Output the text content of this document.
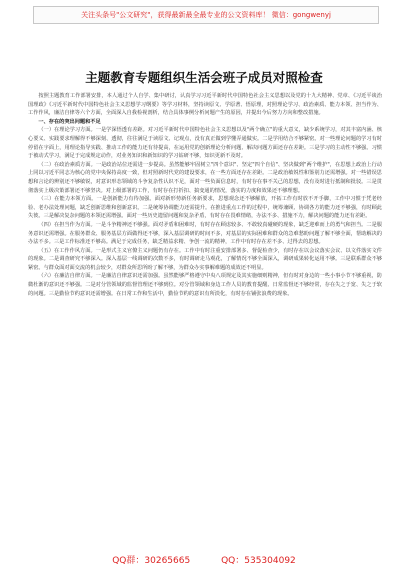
关注头条号"公文研究"，获得最新最全最专业的公文资料库！ 微信：gongwenyj
主题教育专题组织生活会班子成员对照检查

按照主题教育工作部署安排，本人通过个人自学、集中研讨，认真学习习近平新时代中国特色社会主义思想以及党的十九大精神、党章、《习近平谈治国理政》《习近平新时代中国特色社会主义思想学习纲要》等学习材料，坚持读原文、学原著、悟原理，对照理论学习、政治素质、能力本领、担当作为、工作作风，廉洁自律等六个方面，全面深入自我检视剖析，结合具体事例分析问题产生的原因，并提出今后努力方向和整改措施。

一、存在的突出问题和不足

（一）在理论学习方面。一是学深悟透有差距。对习近平新时代中国特色社会主义思想以及"两个确立"的重大意义，缺少系统学习，对其丰富内涵、核心要义、实践要求理解得不够深刻、透彻，往往满足于读原文、记观点，没有真正做到学懂弄通做实。二是学用结合不够紧密。对一些理论问题的学习有时停留在字面上，用理论指导实践、推动工作的能力还有待提高，在运用党的创新理论分析问题、解决问题方面还存在差距。三是学习的主动性不够强。习惯于被动式学习，满足于完成规定动作，对业务知识和新知识的学习钻研不够，知识更新不及时。

（二）在政治素质方面。一是政治站位还需进一步提高。虽然能够牢固树立"四个意识"、坚定"四个自信"、坚决做到"两个维护"，在思想上政治上行动上同以习近平同志为核心的党中央保持高度一致，但对照新时代党的建设要求，在一些方面还存在差距。二是政治敏锐性和鉴别力还需增强。对一些错误思想和言论的辨别还不够敏锐，对意识形态领域的斗争复杂性认识不足，面对一些负面信息时，有时存在事不关己的思想，没有及时进行抵制和批驳。三是贯彻落实上级决策部署还不够坚决。对上级部署的工作，有时存在打折扣、搞变通的情况，落实的力度和效果还不够理想。

（三）在能力本领方面。一是创新能力有待加强。面对新形势新任务新要求，思想观念还不够解放，开拓工作有时放不开手脚，工作中习惯于凭老经验、老办法处理问题，缺乏创新思维和创新意识。二是统筹协调能力还需提升。在推进重点工作的过程中，统筹兼顾、协调各方的能力还不够强，有时顾此失彼。三是解决复杂问题的本领还需增强。面对一些历史遗留问题和复杂矛盾，有时存在畏难情绪，办法不多、措施不力，解决问题的能力还有差距。

（四）在担当作为方面。一是斗争精神还不够强。面对矛盾和困难时，有时存在顾虑较多、不敢较真碰硬的现象，缺乏迎难而上的勇气和担当。二是服务意识还需增强。在服务群众、服务基层方面做得还不够，深入基层调研的时间不多，对基层的实际困难和群众的急难愁盼问题了解不够全面，帮助解决的办法不多。三是工作标准还不够高。满足于完成任务，缺乏精益求精、争创一流的精神，工作中有时存在差不多、过得去的思想。

（五）在工作作风方面。一是形式主义官僚主义问题仍有存在。工作中有时注重安排部署多、督促检查少，有时存在以会议落实会议、以文件落实文件的现象。二是调查研究不够深入。深入基层一线调研的次数不多，有时调研走马观花，了解情况不够全面深入，调研成果转化运用不够。三是联系群众不够紧密。与群众面对面交流的机会较少，对群众所思所盼了解不够，为群众办实事解难题的成效还不明显。

（六）在廉洁自律方面。一是廉洁自律意识还需加强。虽然能够严格遵守中央八项规定及其实施细则精神，但有时对身边的一些小事小节不够重视，防微杜渐的意识还不够强。二是对分管领域的监督管理还不够到位。对分管领域和身边工作人员的教育提醒、日常监督还不够经常，存在失之于宽、失之于软的问题。三是勤俭节约意识还需增强。在日常工作和生活中，勤俭节约的意识有所淡化，有时存在铺张浪费的现象。

QQ群：30265665	QQ：535304092
